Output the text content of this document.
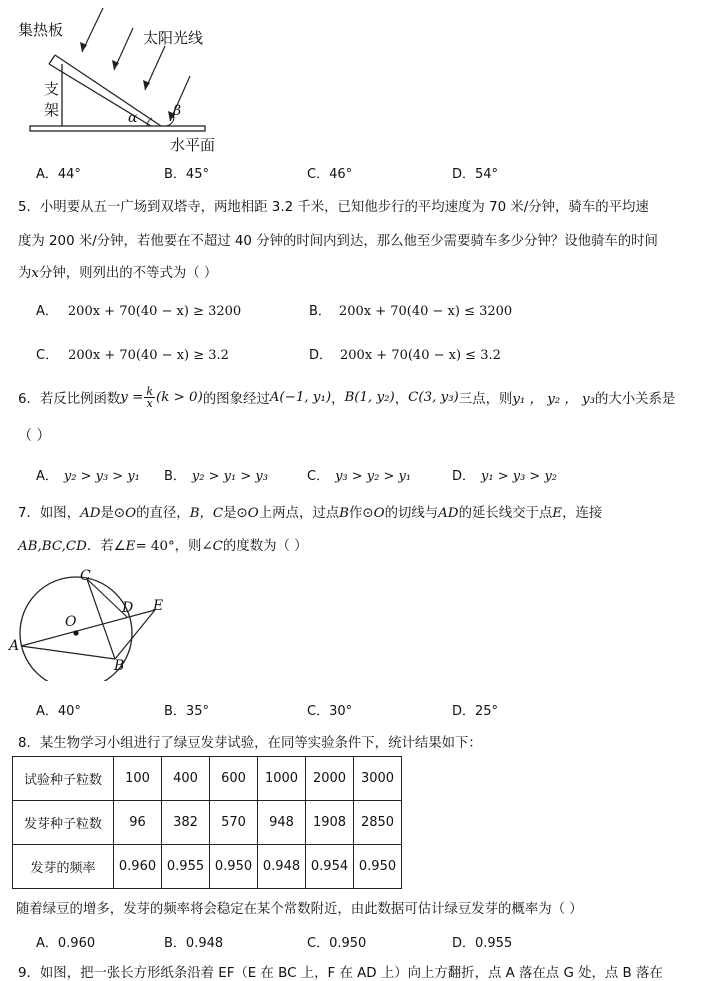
集热板	太阳光线
支
架
水平面
α	β
A．44°	B．45°	C．46°	D．54°
5．小明要从五一广场到双塔寺，两地相距 3.2 千米，已知他步行的平均速度为 70 米/分钟，骑车的平均速
度为 200 米/分钟，若他要在不超过 40 分钟的时间内到达，那么他至少需要骑车多少分钟？设他骑车的时间
为x分钟，则列出的不等式为（ ）
A． 200x + 70(40 − x) ≥ 3200	B． 200x + 70(40 − x) ≤ 3200
C． 200x + 70(40 − x) ≥ 3.2	D． 200x + 70(40 − x) ≤ 3.2
6．若反比例函数 $y = \frac{k}{x} (k > 0)$ 的图象经过 A(−1, y₁) ， B(1, y₂) ， C(3, y₃) 三点，则 y₁ ， y₂ ， y₃ 的大小关系是
（ ）
A． y₂ > y₃ > y₁ B． y₂ > y₁ > y₃	C． y₃ > y₂ > y₁	D． y₁ > y₃ > y₂
7．如图，AD是⊙O的直径，B，C是⊙O上两点，过点B作⊙O的切线与AD的延长线交于点E，连接
AB,BC,CD．若∠E= 40°，则∠C的度数为（ ）
C
D E
O
A
B
A．40°	B．35°	C．30°	D．25°
8．某生物学习小组进行了绿豆发芽试验，在同等实验条件下，统计结果如下：
试验种子粒数	100	400	600	1000	2000	3000
发芽种子粒数	96	382	570	948	1908	2850
发芽的频率	0.960	0.955	0.950	0.948	0.954	0.950
随着绿豆的增多，发芽的频率将会稳定在某个常数附近，由此数据可估计绿豆发芽的概率为（ ）
A．0.960	B．0.948	C．0.950	D．0.955
9．如图，把一张长方形纸条沿着 EF（E 在 BC 上，F 在 AD 上）向上方翻折，点 A 落在点 G 处，点 B 落在
